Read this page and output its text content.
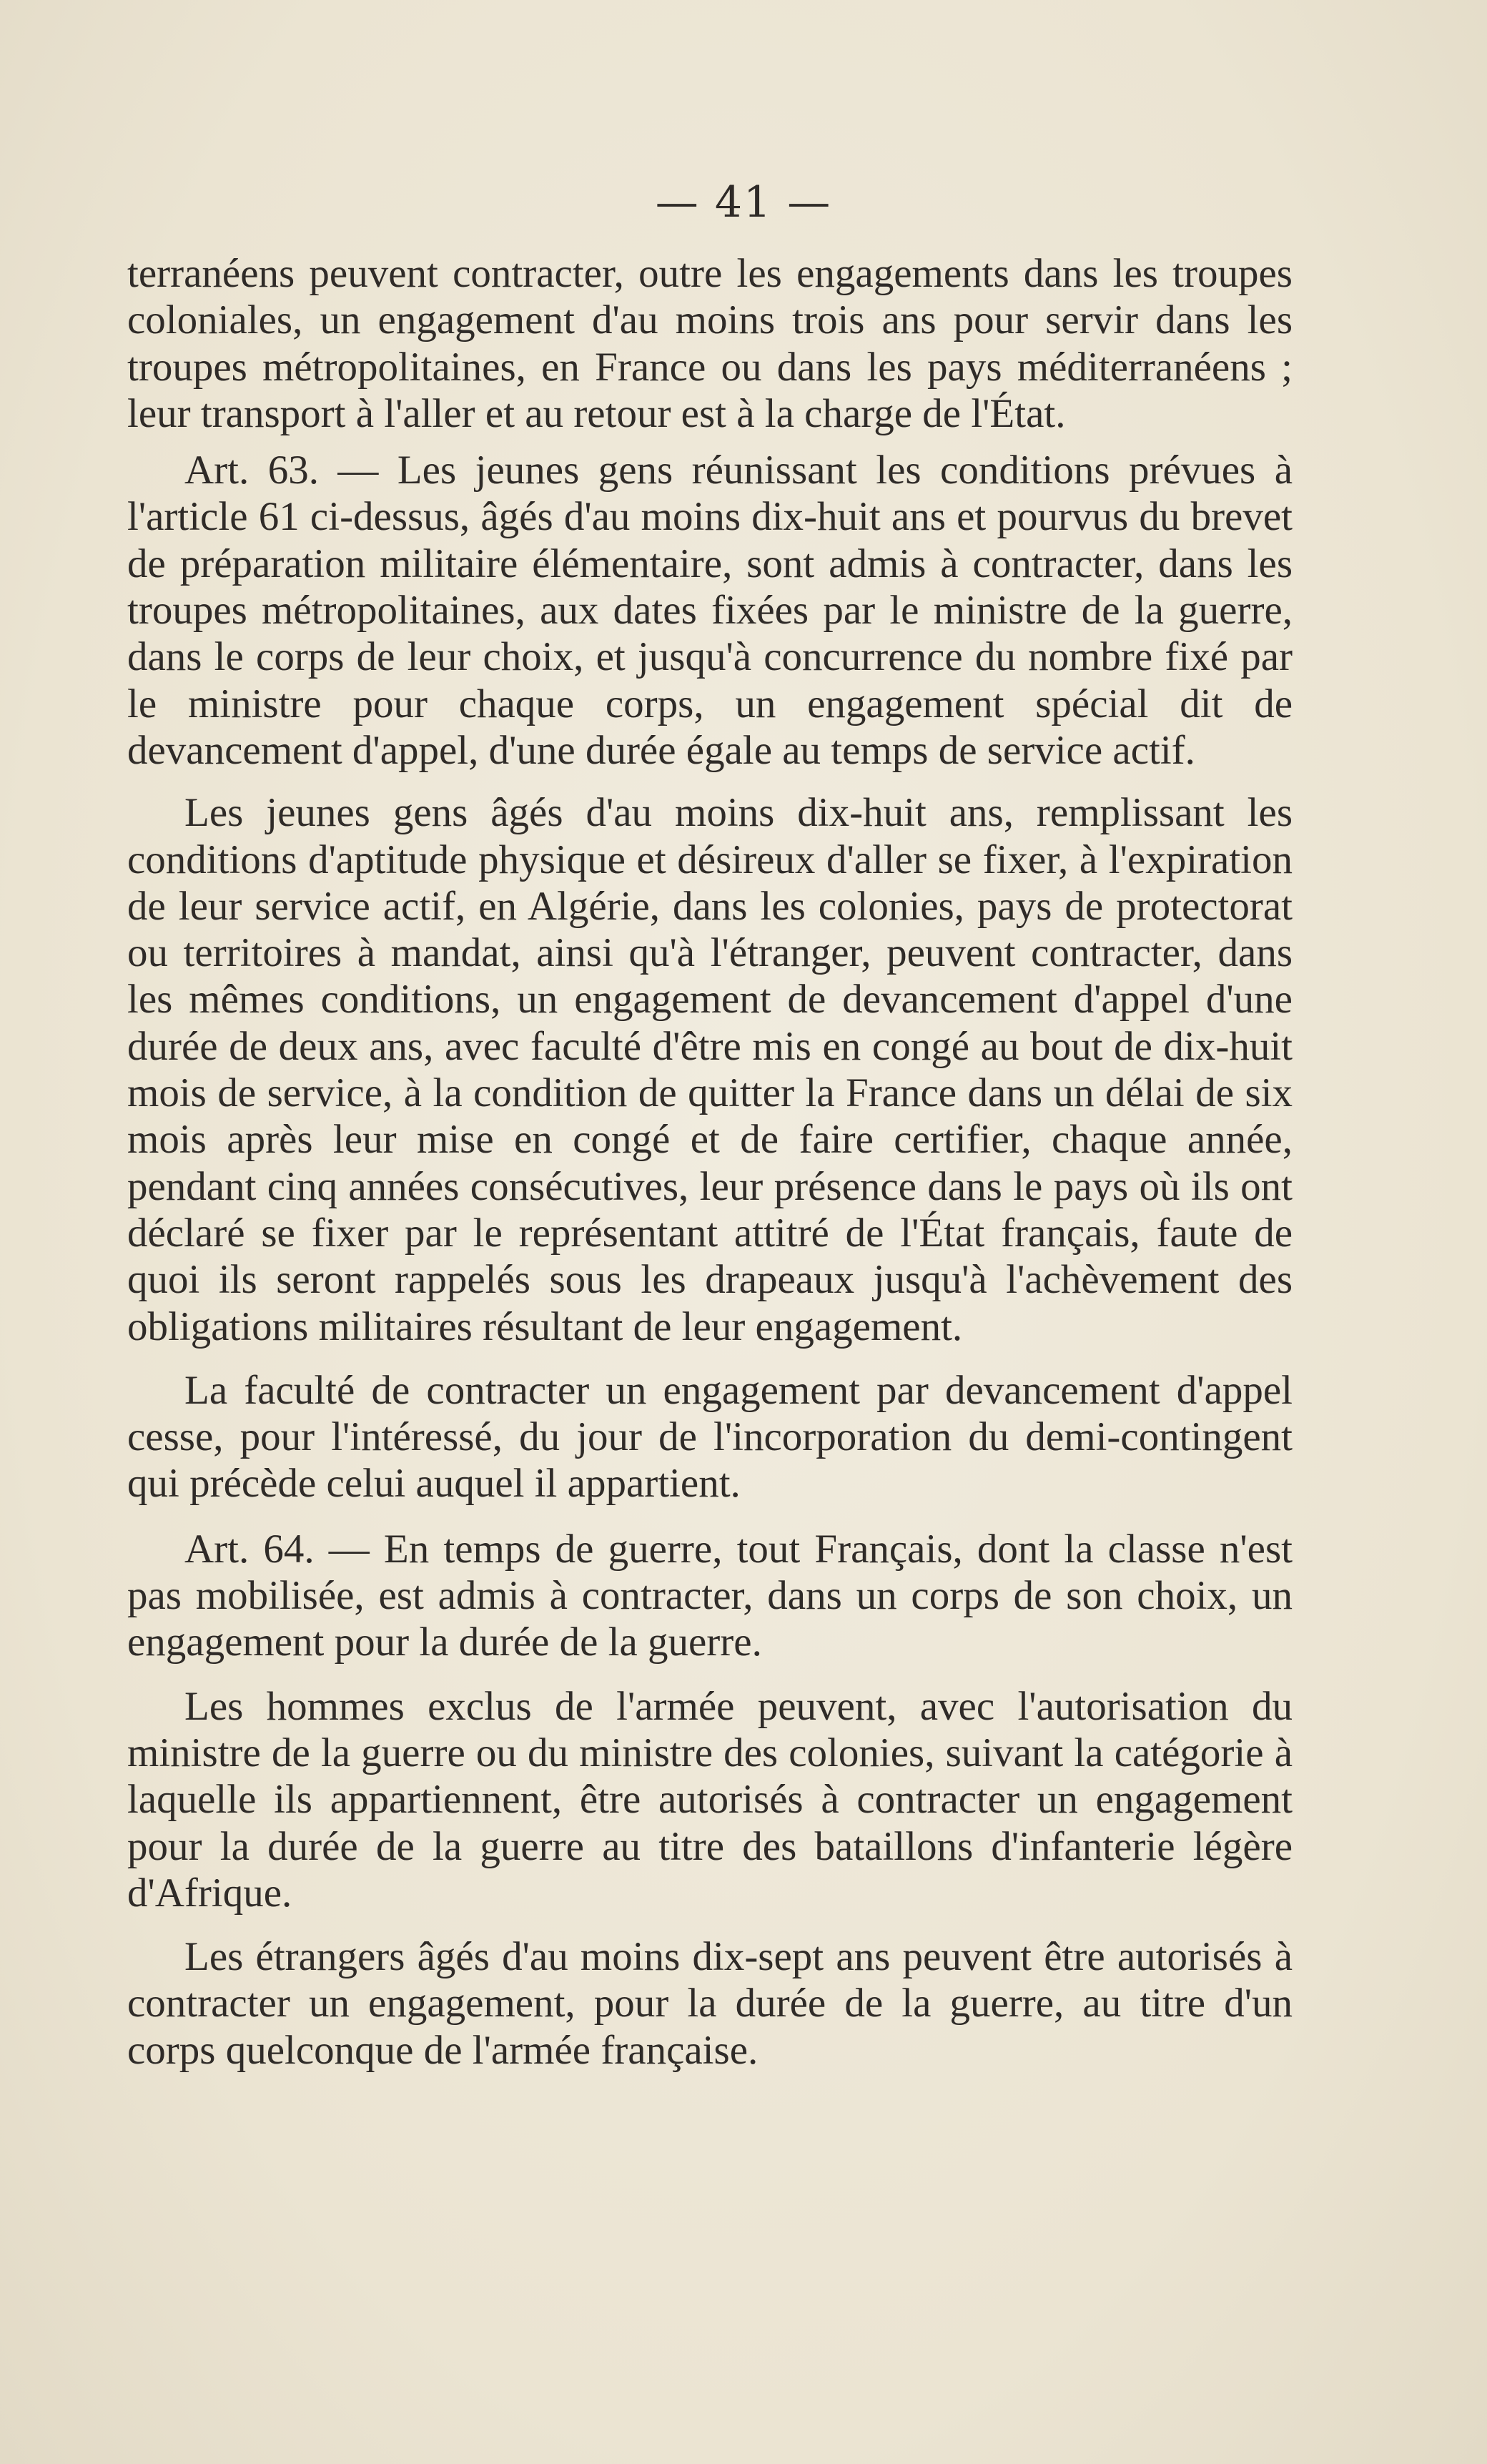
— 41 —

terranéens peuvent contracter, outre les engagements dans les troupes coloniales, un engagement d'au moins trois ans pour servir dans les troupes métropolitaines, en France ou dans les pays méditerranéens ; leur transport à l'aller et au retour est à la charge de l'État.

Art. 63. — Les jeunes gens réunissant les conditions prévues à l'article 61 ci-dessus, âgés d'au moins dix-huit ans et pourvus du brevet de préparation militaire élémentaire, sont admis à contracter, dans les troupes métropolitaines, aux dates fixées par le ministre de la guerre, dans le corps de leur choix, et jusqu'à concurrence du nombre fixé par le ministre pour chaque corps, un engagement spécial dit de devancement d'appel, d'une durée égale au temps de service actif.

Les jeunes gens âgés d'au moins dix-huit ans, remplissant les conditions d'aptitude physique et désireux d'aller se fixer, à l'expiration de leur service actif, en Algérie, dans les colonies, pays de protectorat ou territoires à mandat, ainsi qu'à l'étranger, peuvent contracter, dans les mêmes conditions, un engagement de devancement d'appel d'une durée de deux ans, avec faculté d'être mis en congé au bout de dix-huit mois de service, à la condition de quitter la France dans un délai de six mois après leur mise en congé et de faire certifier, chaque année, pendant cinq années consécutives, leur présence dans le pays où ils ont déclaré se fixer par le représentant attitré de l'État français, faute de quoi ils seront rappelés sous les drapeaux jusqu'à l'achèvement des obligations militaires résultant de leur engagement.

La faculté de contracter un engagement par devancement d'appel cesse, pour l'intéressé, du jour de l'incorporation du demi-contingent qui précède celui auquel il appartient.

Art. 64. — En temps de guerre, tout Français, dont la classe n'est pas mobilisée, est admis à contracter, dans un corps de son choix, un engagement pour la durée de la guerre.

Les hommes exclus de l'armée peuvent, avec l'autorisation du ministre de la guerre ou du ministre des colonies, suivant la catégorie à laquelle ils appartiennent, être autorisés à contracter un engagement pour la durée de la guerre au titre des bataillons d'infanterie légère d'Afrique.

Les étrangers âgés d'au moins dix-sept ans peuvent être autorisés à contracter un engagement, pour la durée de la guerre, au titre d'un corps quelconque de l'armée française.
